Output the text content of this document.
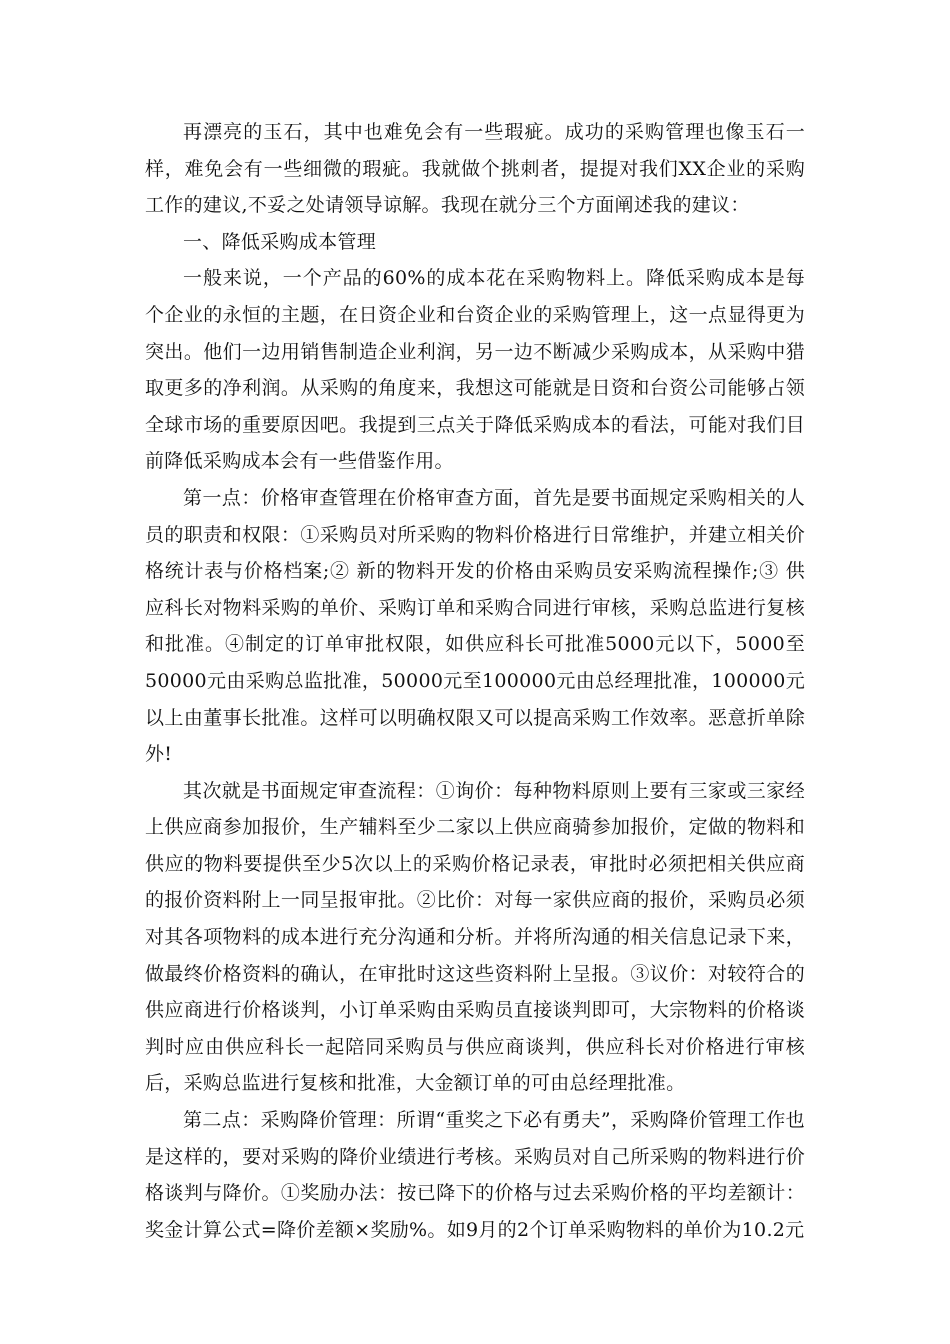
再漂亮的玉石，其中也难免会有一些瑕疵。成功的采购管理也像玉石一样，难免会有一些细微的瑕疵。我就做个挑刺者，提提对我们XX企业的采购工作的建议,不妥之处请领导谅解。我现在就分三个方面阐述我的建议：

一、降低采购成本管理

一般来说，一个产品的60%的成本花在采购物料上。降低采购成本是每个企业的永恒的主题，在日资企业和台资企业的采购管理上，这一点显得更为突出。他们一边用销售制造企业利润，另一边不断减少采购成本，从采购中猎取更多的净利润。从采购的角度来，我想这可能就是日资和台资公司能够占领全球市场的重要原因吧。我提到三点关于降低采购成本的看法，可能对我们目前降低采购成本会有一些借鉴作用。

第一点：价格审查管理在价格审查方面，首先是要书面规定采购相关的人员的职责和权限：①采购员对所采购的物料价格进行日常维护，并建立相关价格统计表与价格档案;② 新的物料开发的价格由采购员安采购流程操作;③ 供应科长对物料采购的单价、采购订单和采购合同进行审核，采购总监进行复核和批准。④制定的订单审批权限，如供应科长可批准5000元以下，5000至50000元由采购总监批准，50000元至100000元由总经理批准，100000元以上由董事长批准。这样可以明确权限又可以提高采购工作效率。恶意折单除外!

其次就是书面规定审查流程：①询价：每种物料原则上要有三家或三家经上供应商参加报价，生产辅料至少二家以上供应商骑参加报价，定做的物料和供应的物料要提供至少5次以上的采购价格记录表，审批时必须把相关供应商的报价资料附上一同呈报审批。②比价：对每一家供应商的报价，采购员必须对其各项物料的成本进行充分沟通和分析。并将所沟通的相关信息记录下来，做最终价格资料的确认，在审批时这这些资料附上呈报。③议价：对较符合的供应商进行价格谈判，小订单采购由采购员直接谈判即可，大宗物料的价格谈判时应由供应科长一起陪同采购员与供应商谈判，供应科长对价格进行审核后，采购总监进行复核和批准，大金额订单的可由总经理批准。

第二点：采购降价管理：所谓“重奖之下必有勇夫”，采购降价管理工作也是这样的，要对采购的降价业绩进行考核。采购员对自己所采购的物料进行价格谈判与降价。①奖励办法：按已降下的价格与过去采购价格的平均差额计：奖金计算公式=降价差额×奖励%。如9月的2个订单采购物料的单价为10.2元
